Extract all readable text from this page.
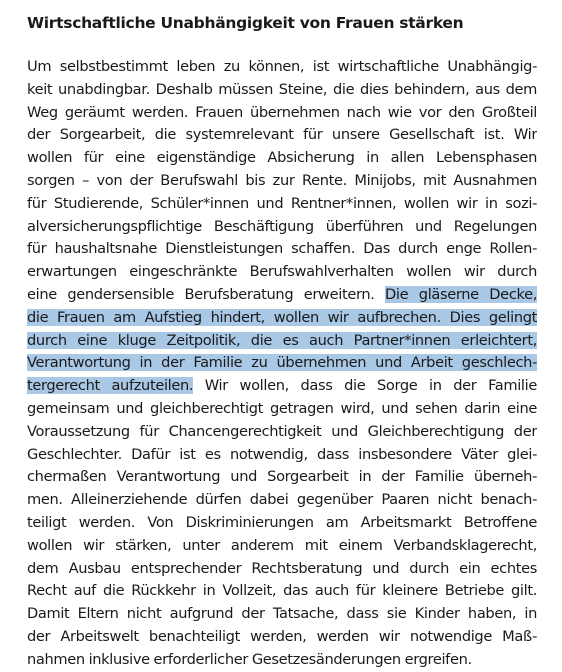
Wirtschaftliche Unabhängigkeit von Frauen stärken
Um selbstbestimmt leben zu können, ist wirtschaftliche Unabhängig-
keit unabdingbar. Deshalb müssen Steine, die dies behindern, aus dem
Weg geräumt werden. Frauen übernehmen nach wie vor den Großteil
der Sorgearbeit, die systemrelevant für unsere Gesellschaft ist. Wir
wollen für eine eigenständige Absicherung in allen Lebensphasen
sorgen – von der Berufswahl bis zur Rente. Minijobs, mit Ausnahmen
für Studierende, Schüler*innen und Rentner*innen, wollen wir in sozi-
alversicherungspflichtige Beschäftigung überführen und Regelungen
für haushaltsnahe Dienstleistungen schaffen. Das durch enge Rollen-
erwartungen eingeschränkte Berufswahlverhalten wollen wir durch
eine gendersensible Berufsberatung erweitern. Die gläserne Decke,
die Frauen am Aufstieg hindert, wollen wir aufbrechen. Dies gelingt
durch eine kluge Zeitpolitik, die es auch Partner*innen erleichtert,
Verantwortung in der Familie zu übernehmen und Arbeit geschlech-
tergerecht aufzuteilen. Wir wollen, dass die Sorge in der Familie
gemeinsam und gleichberechtigt getragen wird, und sehen darin eine
Voraussetzung für Chancengerechtigkeit und Gleichberechtigung der
Geschlechter. Dafür ist es notwendig, dass insbesondere Väter glei-
chermaßen Verantwortung und Sorgearbeit in der Familie überneh-
men. Alleinerziehende dürfen dabei gegenüber Paaren nicht benach-
teiligt werden. Von Diskriminierungen am Arbeitsmarkt Betroffene
wollen wir stärken, unter anderem mit einem Verbandsklagerecht,
dem Ausbau entsprechender Rechtsberatung und durch ein echtes
Recht auf die Rückkehr in Vollzeit, das auch für kleinere Betriebe gilt.
Damit Eltern nicht aufgrund der Tatsache, dass sie Kinder haben, in
der Arbeitswelt benachteiligt werden, werden wir notwendige Maß-
nahmen inklusive erforderlicher Gesetzesänderungen ergreifen.
